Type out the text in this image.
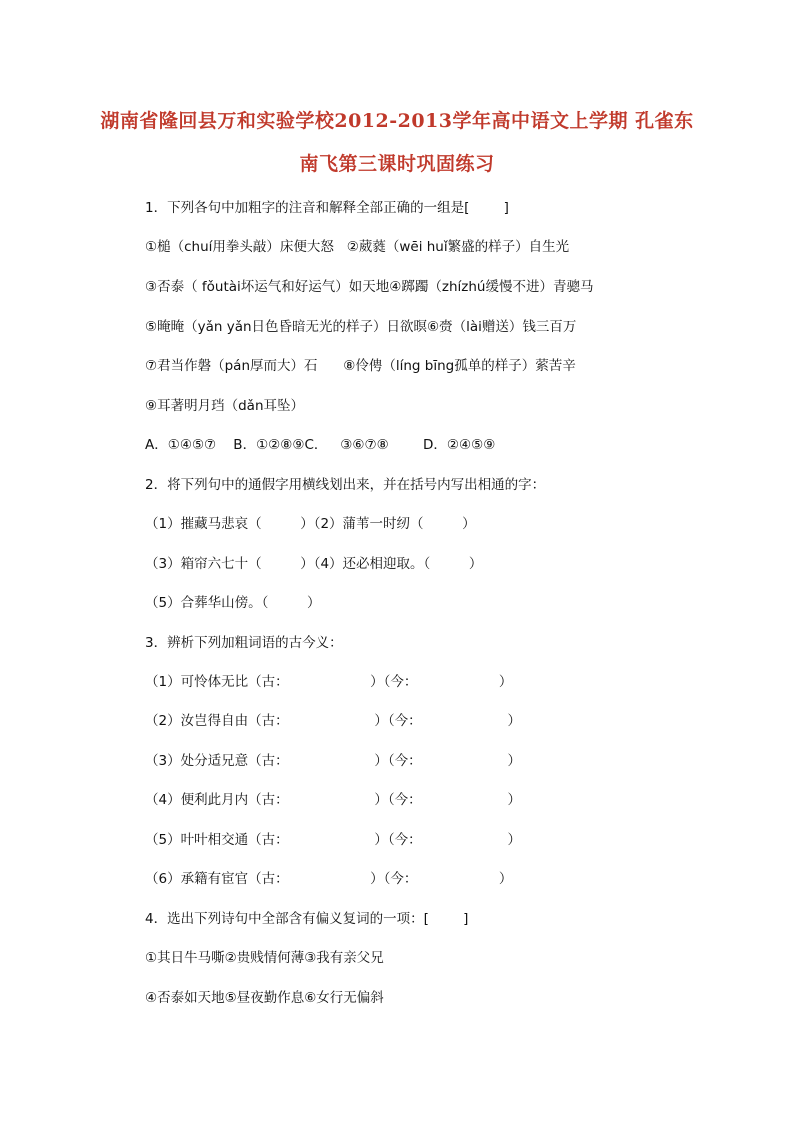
湖南省隆回县万和实验学校2012-2013学年高中语文上学期 孔雀东
南飞第三课时巩固练习
1．下列各句中加粗字的注音和解释全部正确的一组是[        ]
①槌（chuí用拳头敲）床便大怒   ②葳蕤（wēi huǐ繁盛的样子）自生光
③否泰（ fǒutài坏运气和好运气）如天地④踯躅（zhízhú缓慢不进）青骢马
⑤晻晻（yǎn yǎn日色昏暗无光的样子）日欲暝⑥赍（lài赠送）钱三百万
⑦君当作磐（pán厚而大）石      ⑧伶俜（líng bīng孤单的样子）萦苦辛
⑨耳著明月珰（dǎn耳坠）
A．①④⑤⑦    B．①②⑧⑨C．   ③⑥⑦⑧        D．②④⑤⑨
2．将下列句中的通假字用横线划出来，并在括号内写出相通的字：
（1）摧藏马悲哀（         ）（2）蒲苇一时纫（         ）
（3）箱帘六七十（         ）（4）还必相迎取。（         ）
（5）合葬华山傍。（         ）
3．辨析下列加粗词语的古今义：
（1）可怜体无比（古：                   ）（今：                   ）
（2）汝岂得自由（古：                    ）（今：                    ）
（3）处分适兄意（古：                    ）（今：                    ）
（4）便利此月内（古：                    ）（今：                    ）
（5）叶叶相交通（古：                    ）（今：                    ）
（6）承籍有宦官（古：                   ）（今：                   ）
4．选出下列诗句中全部含有偏义复词的一项：[        ]
①其日牛马嘶②贵贱情何薄③我有亲父兄
④否泰如天地⑤昼夜勤作息⑥女行无偏斜
